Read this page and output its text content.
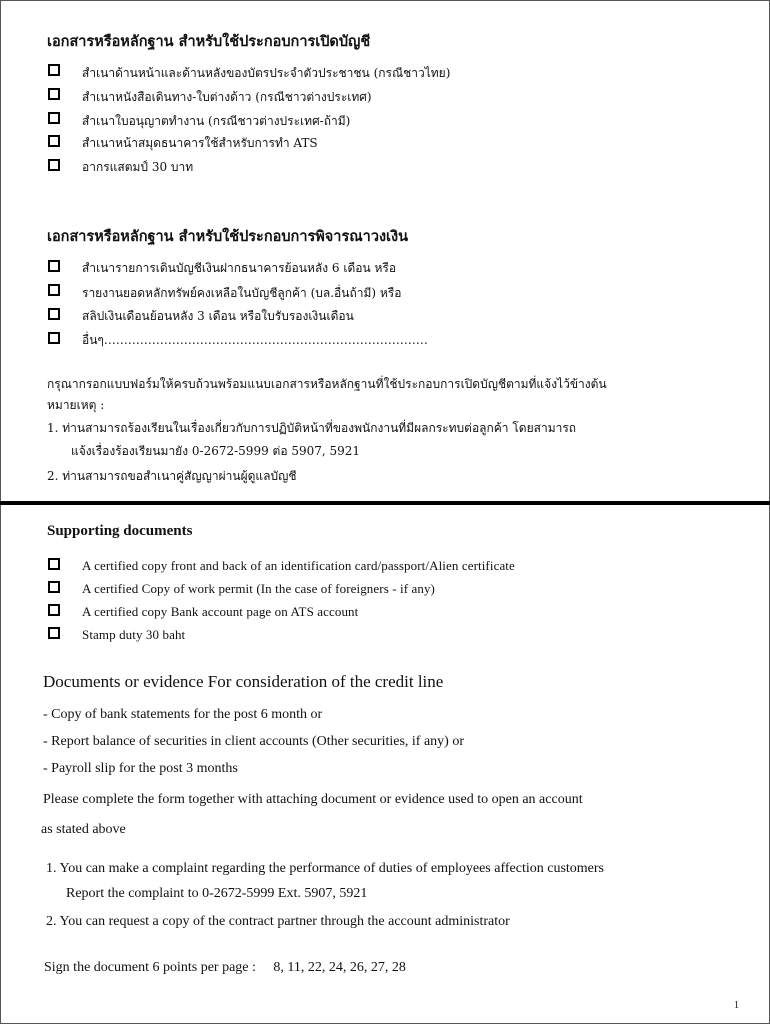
เอกสารหรือหลักฐาน สำหรับใช้ประกอบการเปิดบัญชี
สำเนาด้านหน้าและด้านหลังของบัตรประจำตัวประชาชน (กรณีชาวไทย)
สำเนาหนังสือเดินทาง-ใบต่างด้าว (กรณีชาวต่างประเทศ)
สำเนาใบอนุญาตทำงาน (กรณีชาวต่างประเทศ-ถ้ามี)
สำเนาหน้าสมุดธนาคารใช้สำหรับการทำ ATS
อากรแสตมป์ 30 บาท
เอกสารหรือหลักฐาน สำหรับใช้ประกอบการพิจารณาวงเงิน
สำเนารายการเดินบัญชีเงินฝากธนาคารย้อนหลัง 6 เดือน หรือ
รายงานยอดหลักทรัพย์คงเหลือในบัญชีลูกค้า (บล.อื่นถ้ามี) หรือ
สลิปเงินเดือนย้อนหลัง 3 เดือน หรือใบรับรองเงินเดือน
อื่นๆ………………………………………………………………………
กรุณากรอกแบบฟอร์มให้ครบถ้วนพร้อมแนบเอกสารหรือหลักฐานที่ใช้ประกอบการเปิดบัญชีตามที่แจ้งไว้ข้างต้น
หมายเหตุ :
1. ท่านสามารถร้องเรียนในเรื่องเกี่ยวกับการปฏิบัติหน้าที่ของพนักงานที่มีผลกระทบต่อลูกค้า โดยสามารถ
แจ้งเรื่องร้องเรียนมายัง 0-2672-5999 ต่อ 5907, 5921
2. ท่านสามารถขอสำเนาคู่สัญญาผ่านผู้ดูแลบัญชี
Supporting documents
A certified copy front and back of an identification card/passport/Alien certificate
A certified Copy of work permit (In the case of foreigners - if any)
A certified copy Bank account page on ATS account
Stamp duty 30 baht
Documents or evidence For consideration of the credit line
- Copy of bank statements for the post 6 month or
- Report balance of securities in client accounts (Other securities, if any) or
- Payroll slip for the post 3 months
Please complete the form together with attaching document or evidence used to open an account
as stated above
1. You can make a complaint regarding the performance of duties of employees affection customers
Report the complaint to 0-2672-5999 Ext. 5907, 5921
2. You can request a copy of the contract partner through the account administrator
Sign the document 6 points per page :     8, 11, 22, 24, 26, 27, 28
1
